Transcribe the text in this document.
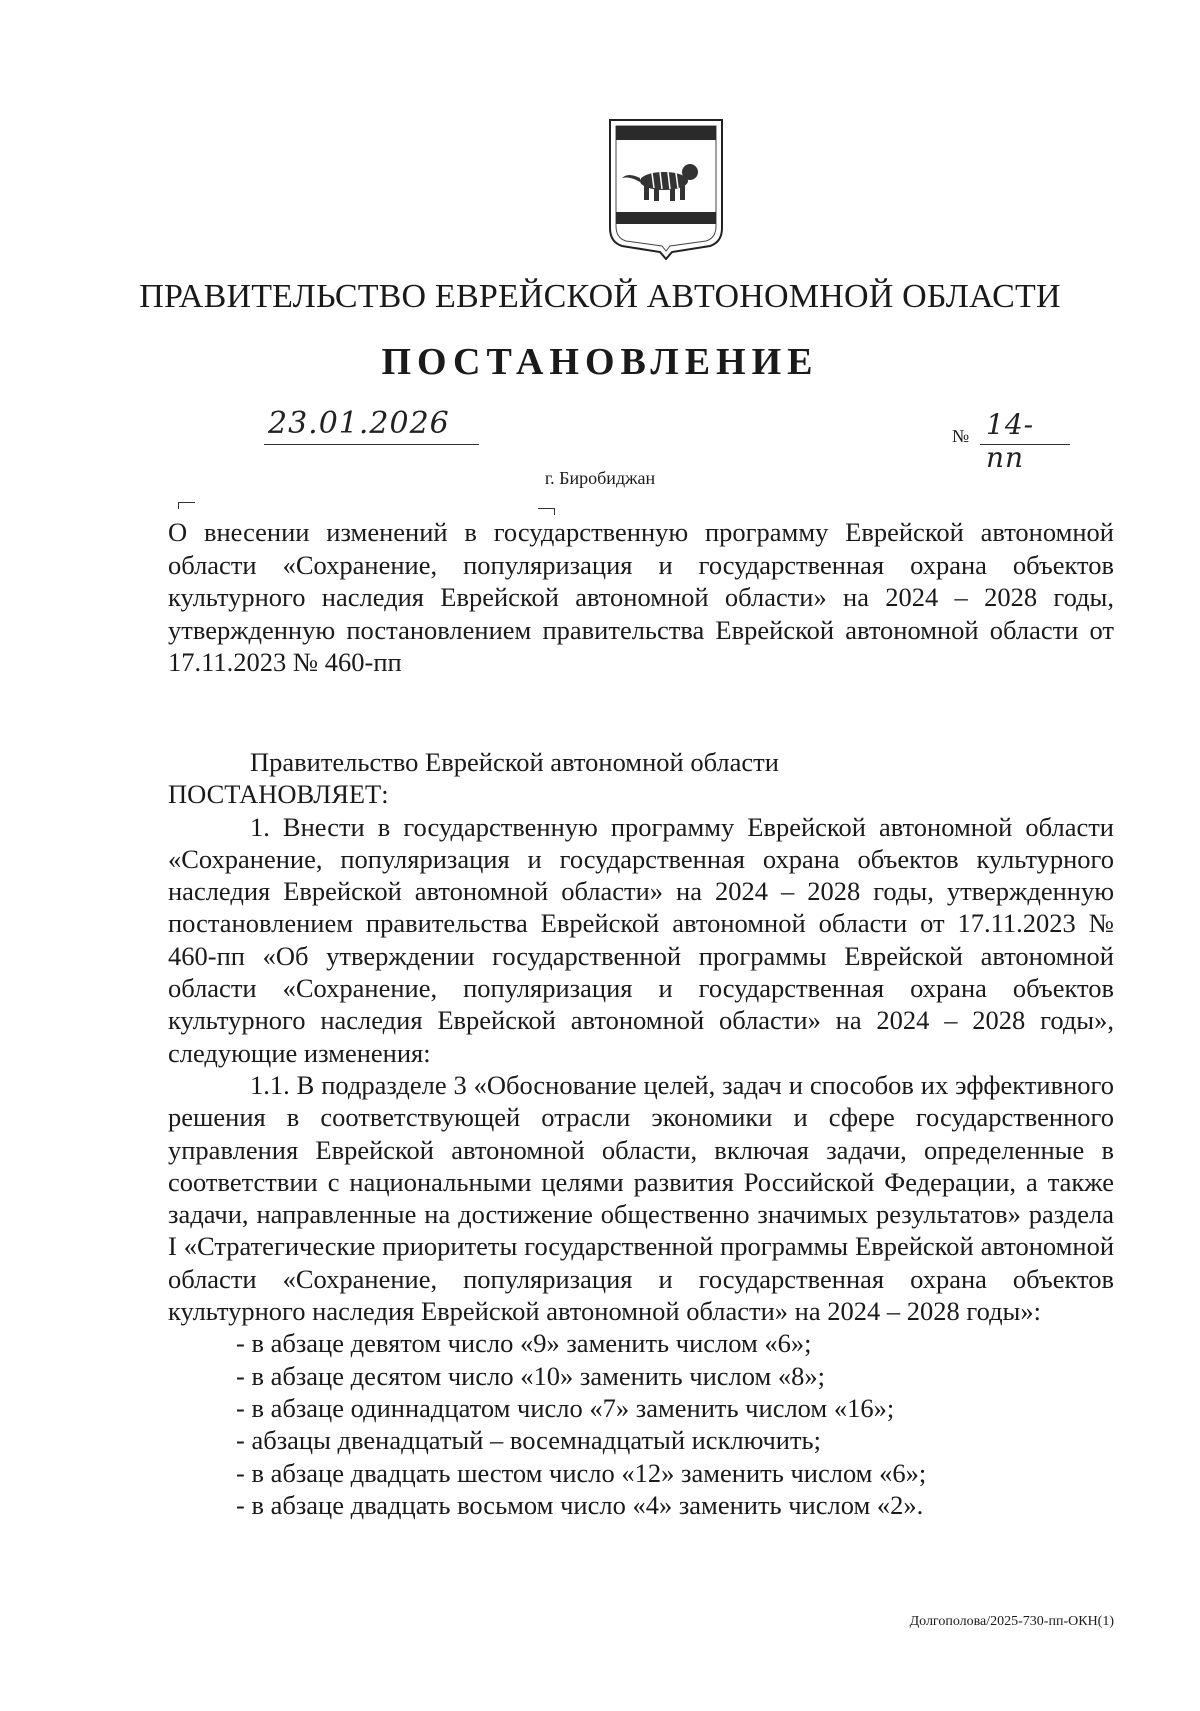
ПРАВИТЕЛЬСТВО ЕВРЕЙСКОЙ АВТОНОМНОЙ ОБЛАСТИ
ПОСТАНОВЛЕНИЕ
23.01.2026	№ 14-пп
г. Биробиджан

О внесении изменений в государственную программу Еврейской автономной области «Сохранение, популяризация и государственная охрана объектов культурного наследия Еврейской автономной области» на 2024 – 2028 годы, утвержденную постановлением правительства Еврейской автономной области от 17.11.2023 № 460-пп

Правительство Еврейской автономной области

ПОСТАНОВЛЯЕТ:

1. Внести в государственную программу Еврейской автономной области «Сохранение, популяризация и государственная охрана объектов культурного наследия Еврейской автономной области» на 2024 – 2028 годы, утвержденную постановлением правительства Еврейской автономной области от 17.11.2023 № 460-пп «Об утверждении государственной программы Еврейской автономной области «Сохранение, популяризация и государственная охрана объектов культурного наследия Еврейской автономной области» на 2024 – 2028 годы», следующие изменения:

1.1. В подразделе 3 «Обоснование целей, задач и способов их эффективного решения в соответствующей отрасли экономики и сфере государственного управления Еврейской автономной области, включая задачи, определенные в соответствии с национальными целями развития Российской Федерации, а также задачи, направленные на достижение общественно значимых результатов» раздела I «Стратегические приоритеты государственной программы Еврейской автономной области «Сохранение, популяризация и государственная охрана объектов культурного наследия Еврейской автономной области» на 2024 – 2028 годы»:

- в абзаце девятом число «9» заменить числом «6»;

- в абзаце десятом число «10» заменить числом «8»;

- в абзаце одиннадцатом число «7» заменить числом «16»;

- абзацы двенадцатый – восемнадцатый исключить;

- в абзаце двадцать шестом число «12» заменить числом «6»;

- в абзаце двадцать восьмом число «4» заменить числом «2».

Долгополова/2025-730-пп-ОКН(1)
